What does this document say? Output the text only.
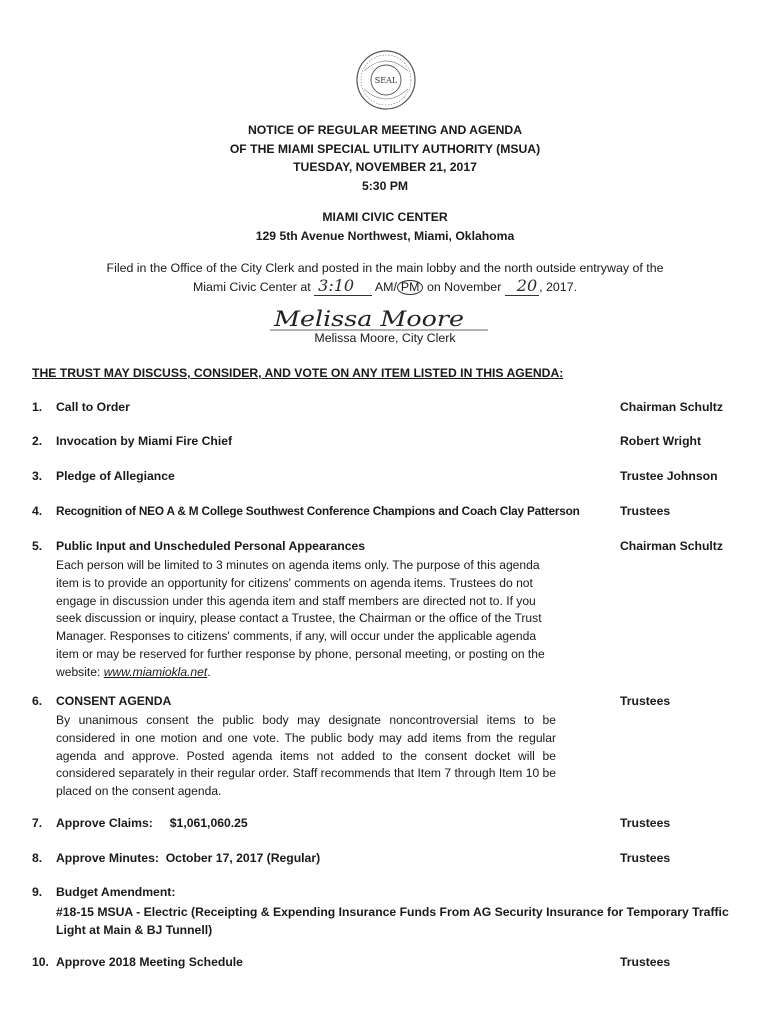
SEAL
NOTICE OF REGULAR MEETING AND AGENDA
OF THE MIAMI SPECIAL UTILITY AUTHORITY (MSUA)
TUESDAY, NOVEMBER 21, 2017
5:30 PM
MIAMI CIVIC CENTER
129 5th Avenue Northwest, Miami, Oklahoma
Filed in the Office of the City Clerk and posted in the main lobby and the north outside entryway of the
Miami Civic Center at 3:10 AM/ PM on November 20 , 2017.
Melissa Moore
Melissa Moore, City Clerk
THE TRUST MAY DISCUSS, CONSIDER, AND VOTE ON ANY ITEM LISTED IN THIS AGENDA:
1.	Call to Order	Chairman Schultz
2.	Invocation by Miami Fire Chief	Robert Wright
3.	Pledge of Allegiance	Trustee Johnson
4.	Recognition of NEO A & M College Southwest Conference Champions and Coach Clay Patterson	Trustees
5.	Public Input and Unscheduled Personal Appearances	Chairman Schultz
Each person will be limited to 3 minutes on agenda items only. The purpose of this agenda item is to provide an opportunity for citizens' comments on agenda items. Trustees do not engage in discussion under this agenda item and staff members are directed not to. If you seek discussion or inquiry, please contact a Trustee, the Chairman or the office of the Trust Manager. Responses to citizens' comments, if any, will occur under the applicable agenda item or may be reserved for further response by phone, personal meeting, or posting on the website: www.miamiokla.net.
6.	CONSENT AGENDA	Trustees
By unanimous consent the public body may designate noncontroversial items to be considered in one motion and one vote. The public body may add items from the regular agenda and approve. Posted agenda items not added to the consent docket will be considered separately in their regular order. Staff recommends that Item 7 through Item 10 be placed on the consent agenda.
7.	Approve Claims:     $1,061,060.25	Trustees
8.	Approve Minutes:  October 17, 2017 (Regular)	Trustees
9.	Budget Amendment:
#18-15 MSUA - Electric (Receipting & Expending Insurance Funds From AG Security Insurance for Temporary Traffic Light at Main & BJ Tunnell)
10. Approve 2018 Meeting Schedule	Trustees
